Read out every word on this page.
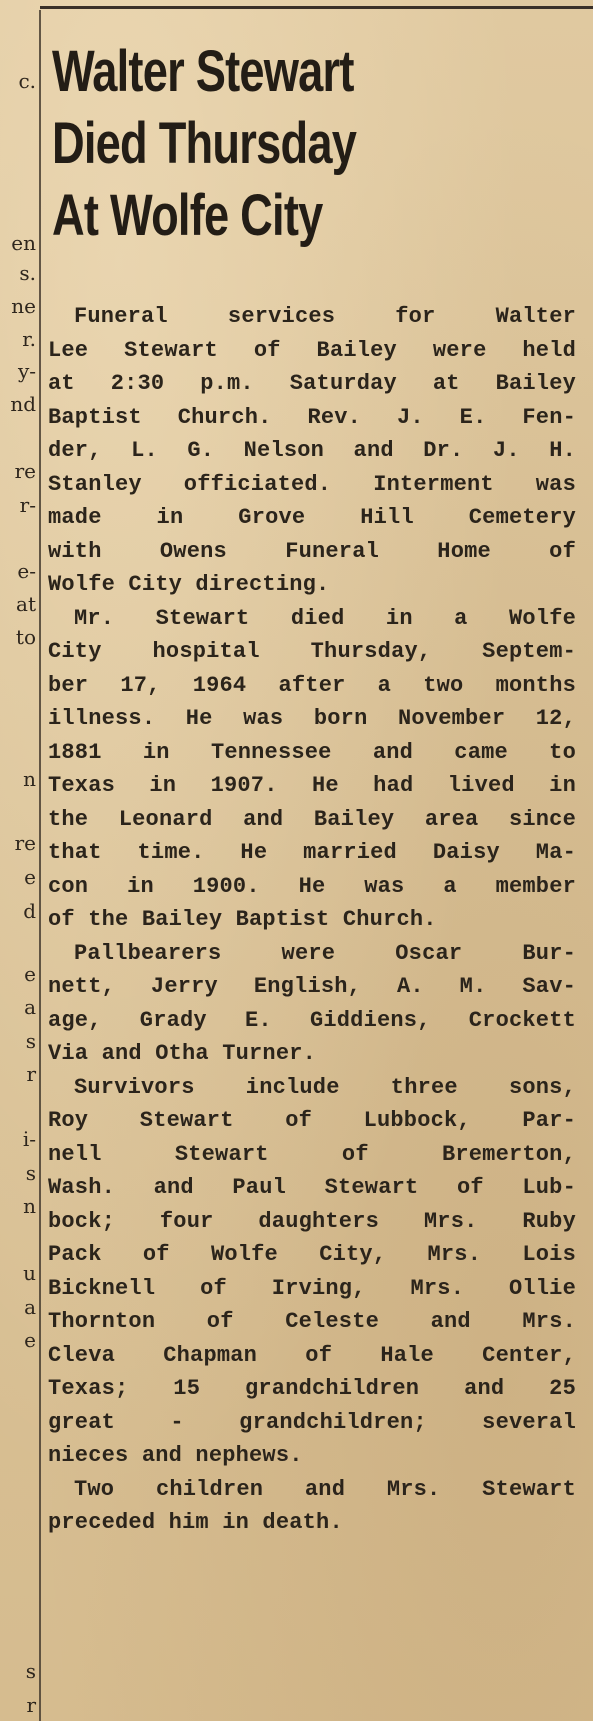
c.
en
s.
ne
r.
y-
nd
re
r-
e-
at
to
n
re
e
d
e
a
s
r
i-
s
n
u
a
e
s
r
Walter Stewart
Died Thursday
At Wolfe City
Funeral services for Walter
Lee Stewart of Bailey were held
at 2:30 p.m. Saturday at Bailey
Baptist Church. Rev. J. E. Fen-
der, L. G. Nelson and Dr. J. H.
Stanley officiated. Interment was
made in Grove Hill Cemetery
with Owens Funeral Home of
Wolfe City directing.
Mr. Stewart died in a Wolfe
City hospital Thursday, Septem-
ber 17, 1964 after a two months
illness. He was born November 12,
1881 in Tennessee and came to
Texas in 1907. He had lived in
the Leonard and Bailey area since
that time. He married Daisy Ma-
con in 1900. He was a member
of the Bailey Baptist Church.
Pallbearers were Oscar Bur-
nett, Jerry English, A. M. Sav-
age, Grady E. Giddiens, Crockett
Via and Otha Turner.
Survivors include three sons,
Roy Stewart of Lubbock, Par-
nell Stewart of Bremerton,
Wash. and Paul Stewart of Lub-
bock; four daughters Mrs. Ruby
Pack of Wolfe City, Mrs. Lois
Bicknell of Irving, Mrs. Ollie
Thornton of Celeste and Mrs.
Cleva Chapman of Hale Center,
Texas; 15 grandchildren and 25
great - grandchildren; several
nieces and nephews.
Two children and Mrs. Stewart
preceded him in death.
